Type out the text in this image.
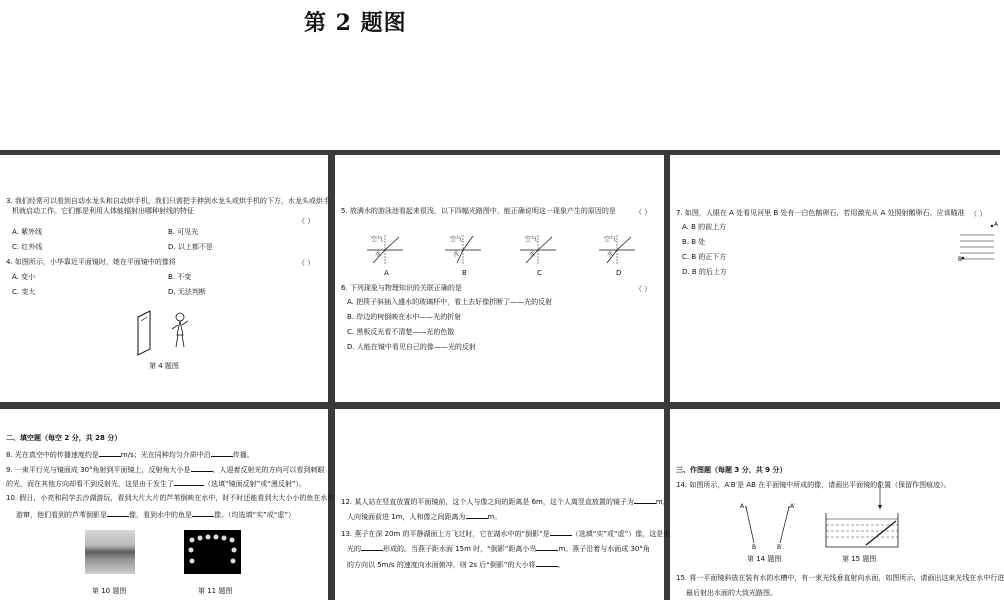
第 2 题图
3. 我们经常可以看到自动水龙头和自动烘手机，我们只需把手伸到水龙头或烘手机的下方，水龙头或烘手
机就启动工作。它们都是利用人体能辐射出哪种射线的特征
（ ）
A. 紫外线	B. 可见光
C. 红外线	D. 以上都不是
4. 如图所示，小华靠近平面镜时，她在平面镜中的像将	（ ）
A. 变小	B. 不变
C. 变大	D. 无法判断
第 4 题图
5. 放满水的游泳池看起来很浅，以下四幅光路图中，能正确说明这一现象产生的原因的是	（ ）
空气
水
空气
水
空气
水
空气
水
A	B	C	D
6. 下列现象与物理知识的关联正确的是	（ ）
A. 把筷子斜插入盛水的玻璃杯中，看上去好像折断了——光的反射
B. 岸边的树倒映在水中——光的折射
C. 黑板反光看不清楚——光的色散
D. 人能在镜中看见自己的像——光的反射
7. 如图，人眼在 A 处看见河里 B 处有一白色鹅卵石，若用激光从 A 处照射鹅卵石，应该瞄准 （ ）
A. B 的前上方
B. B 处
C. B 的正下方
D. B 的后上方
A
B
二、填空题（每空 2 分，共 28 分）
8. 光在真空中的传播速度约是	m/s；光在同种均匀介质中沿	传播。
9. 一束平行光与镜面成 30°角射到平面镜上，反射角大小是	。人迎着反射光的方向可以看到刺眼
的光，而在其他方向却看不到反射光，这是由于发生了	（选填“镜面反射”或“漫反射”）。
10. 假日，小亮和同学去沙湖游玩，看到大片大片的芦苇倒映在水中，时不时还能看到大大小小的鱼在水中
游窜，他们看到的芦苇倒影是	像，看到水中的鱼是	像。（均选填“实”或“虚”）
第 10 题图	第 11 题图
12. 某人站在竖直放置的平面镜前，这个人与像之间的距离是 6m，这个人离竖直放置的镜子为	m。
人向镜面前进 1m，人和像之间距离为	m。
13. 燕子在深 20m 的平静湖面上方飞过时，它在湖水中的“倒影”是	（选填“实”或“虚”）像，这是由
光的	形成的。当燕子距水面 15m 时，“倒影”距离小鸟	m。燕子沿着与水面成 30°角
的方向以 5m/s 的速度向水面俯冲，则 2s 后“倒影”的大小将	。
三、作图题（每题 3 分，共 9 分）
14. 如图所示，A′B′是 AB 在平面镜中所成的像，请画出平面镜的位置（保留作图痕迹）。
A	A′
B	B′
第 14 题图	第 15 题图
15. 将一平面镜斜放在装有水的水槽中，有一束光线垂直射向水面，如图所示，请画出这束光线在水中行进
最后射出水面的大致光路图。
